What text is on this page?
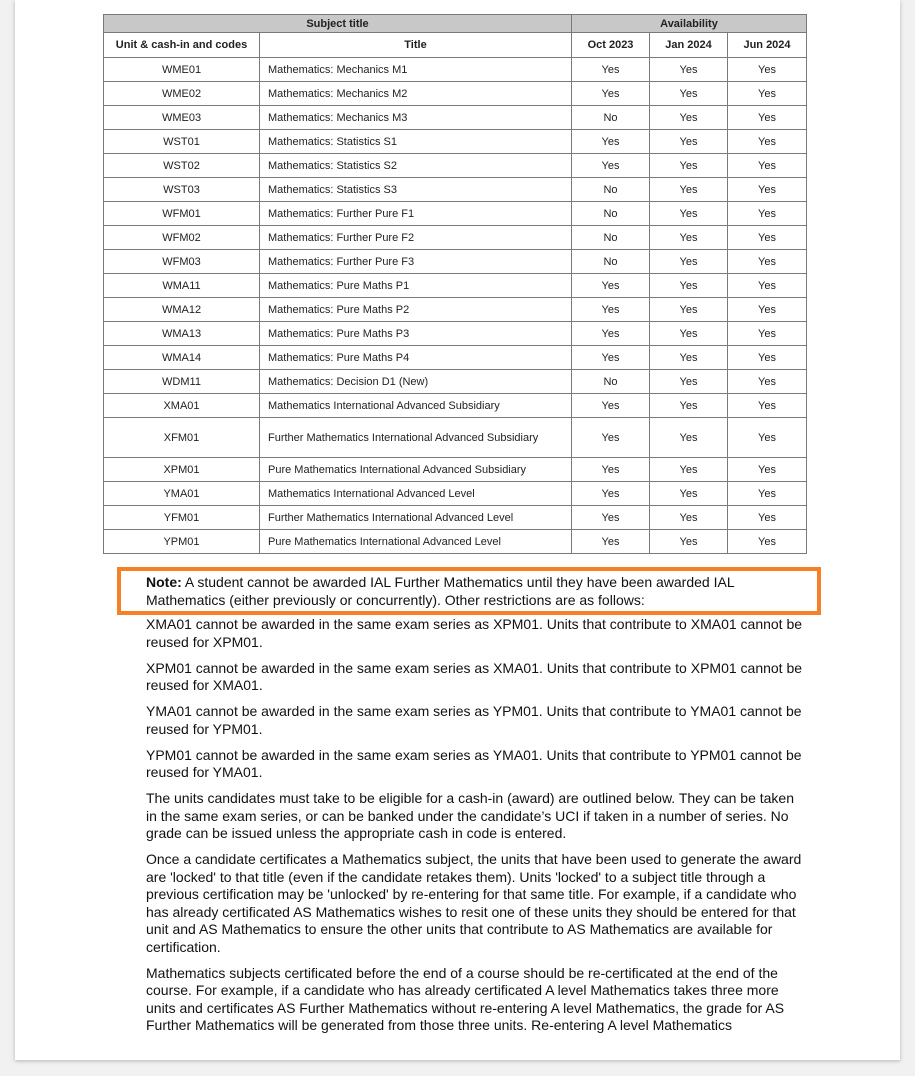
Subject title		Availability		
Unit & cash-in and codes	Title	Oct 2023	Jan 2024	Jun 2024
WME01	Mathematics: Mechanics M1	Yes	Yes	Yes
WME02	Mathematics: Mechanics M2	Yes	Yes	Yes
WME03	Mathematics: Mechanics M3	No	Yes	Yes
WST01	Mathematics: Statistics S1	Yes	Yes	Yes
WST02	Mathematics: Statistics S2	Yes	Yes	Yes
WST03	Mathematics: Statistics S3	No	Yes	Yes
WFM01	Mathematics: Further Pure F1	No	Yes	Yes
WFM02	Mathematics: Further Pure F2	No	Yes	Yes
WFM03	Mathematics: Further Pure F3	No	Yes	Yes
WMA11	Mathematics: Pure Maths P1	Yes	Yes	Yes
WMA12	Mathematics: Pure Maths P2	Yes	Yes	Yes
WMA13	Mathematics: Pure Maths P3	Yes	Yes	Yes
WMA14	Mathematics: Pure Maths P4	Yes	Yes	Yes
WDM11	Mathematics: Decision D1 (New)	No	Yes	Yes
XMA01	Mathematics International Advanced Subsidiary	Yes	Yes	Yes
XFM01	Further Mathematics International Advanced Subsidiary	Yes	Yes	Yes
XPM01	Pure Mathematics International Advanced Subsidiary	Yes	Yes	Yes
YMA01	Mathematics International Advanced Level	Yes	Yes	Yes
YFM01	Further Mathematics International Advanced Level	Yes	Yes	Yes
YPM01	Pure Mathematics International Advanced Level	Yes	Yes	Yes
Note: A student cannot be awarded IAL Further Mathematics until they have been awarded IAL Mathematics (either previously or concurrently). Other restrictions are as follows:

XMA01 cannot be awarded in the same exam series as XPM01. Units that contribute to XMA01 cannot be reused for XPM01.

XPM01 cannot be awarded in the same exam series as XMA01. Units that contribute to XPM01 cannot be reused for XMA01.

YMA01 cannot be awarded in the same exam series as YPM01. Units that contribute to YMA01 cannot be reused for YPM01.

YPM01 cannot be awarded in the same exam series as YMA01. Units that contribute to YPM01 cannot be reused for YMA01.

The units candidates must take to be eligible for a cash-in (award) are outlined below. They can be taken in the same exam series, or can be banked under the candidate’s UCI if taken in a number of series. No grade can be issued unless the appropriate cash in code is entered.

Once a candidate certificates a Mathematics subject, the units that have been used to generate the award are 'locked' to that title (even if the candidate retakes them). Units 'locked' to a subject title through a previous certification may be 'unlocked' by re-entering for that same title. For example, if a candidate who has already certificated AS Mathematics wishes to resit one of these units they should be entered for that unit and AS Mathematics to ensure the other units that contribute to AS Mathematics are available for certification.

Mathematics subjects certificated before the end of a course should be re-certificated at the end of the course. For example, if a candidate who has already certificated A level Mathematics takes three more units and certificates AS Further Mathematics without re-entering A level Mathematics, the grade for AS Further Mathematics will be generated from those three units. Re-entering A level Mathematics
